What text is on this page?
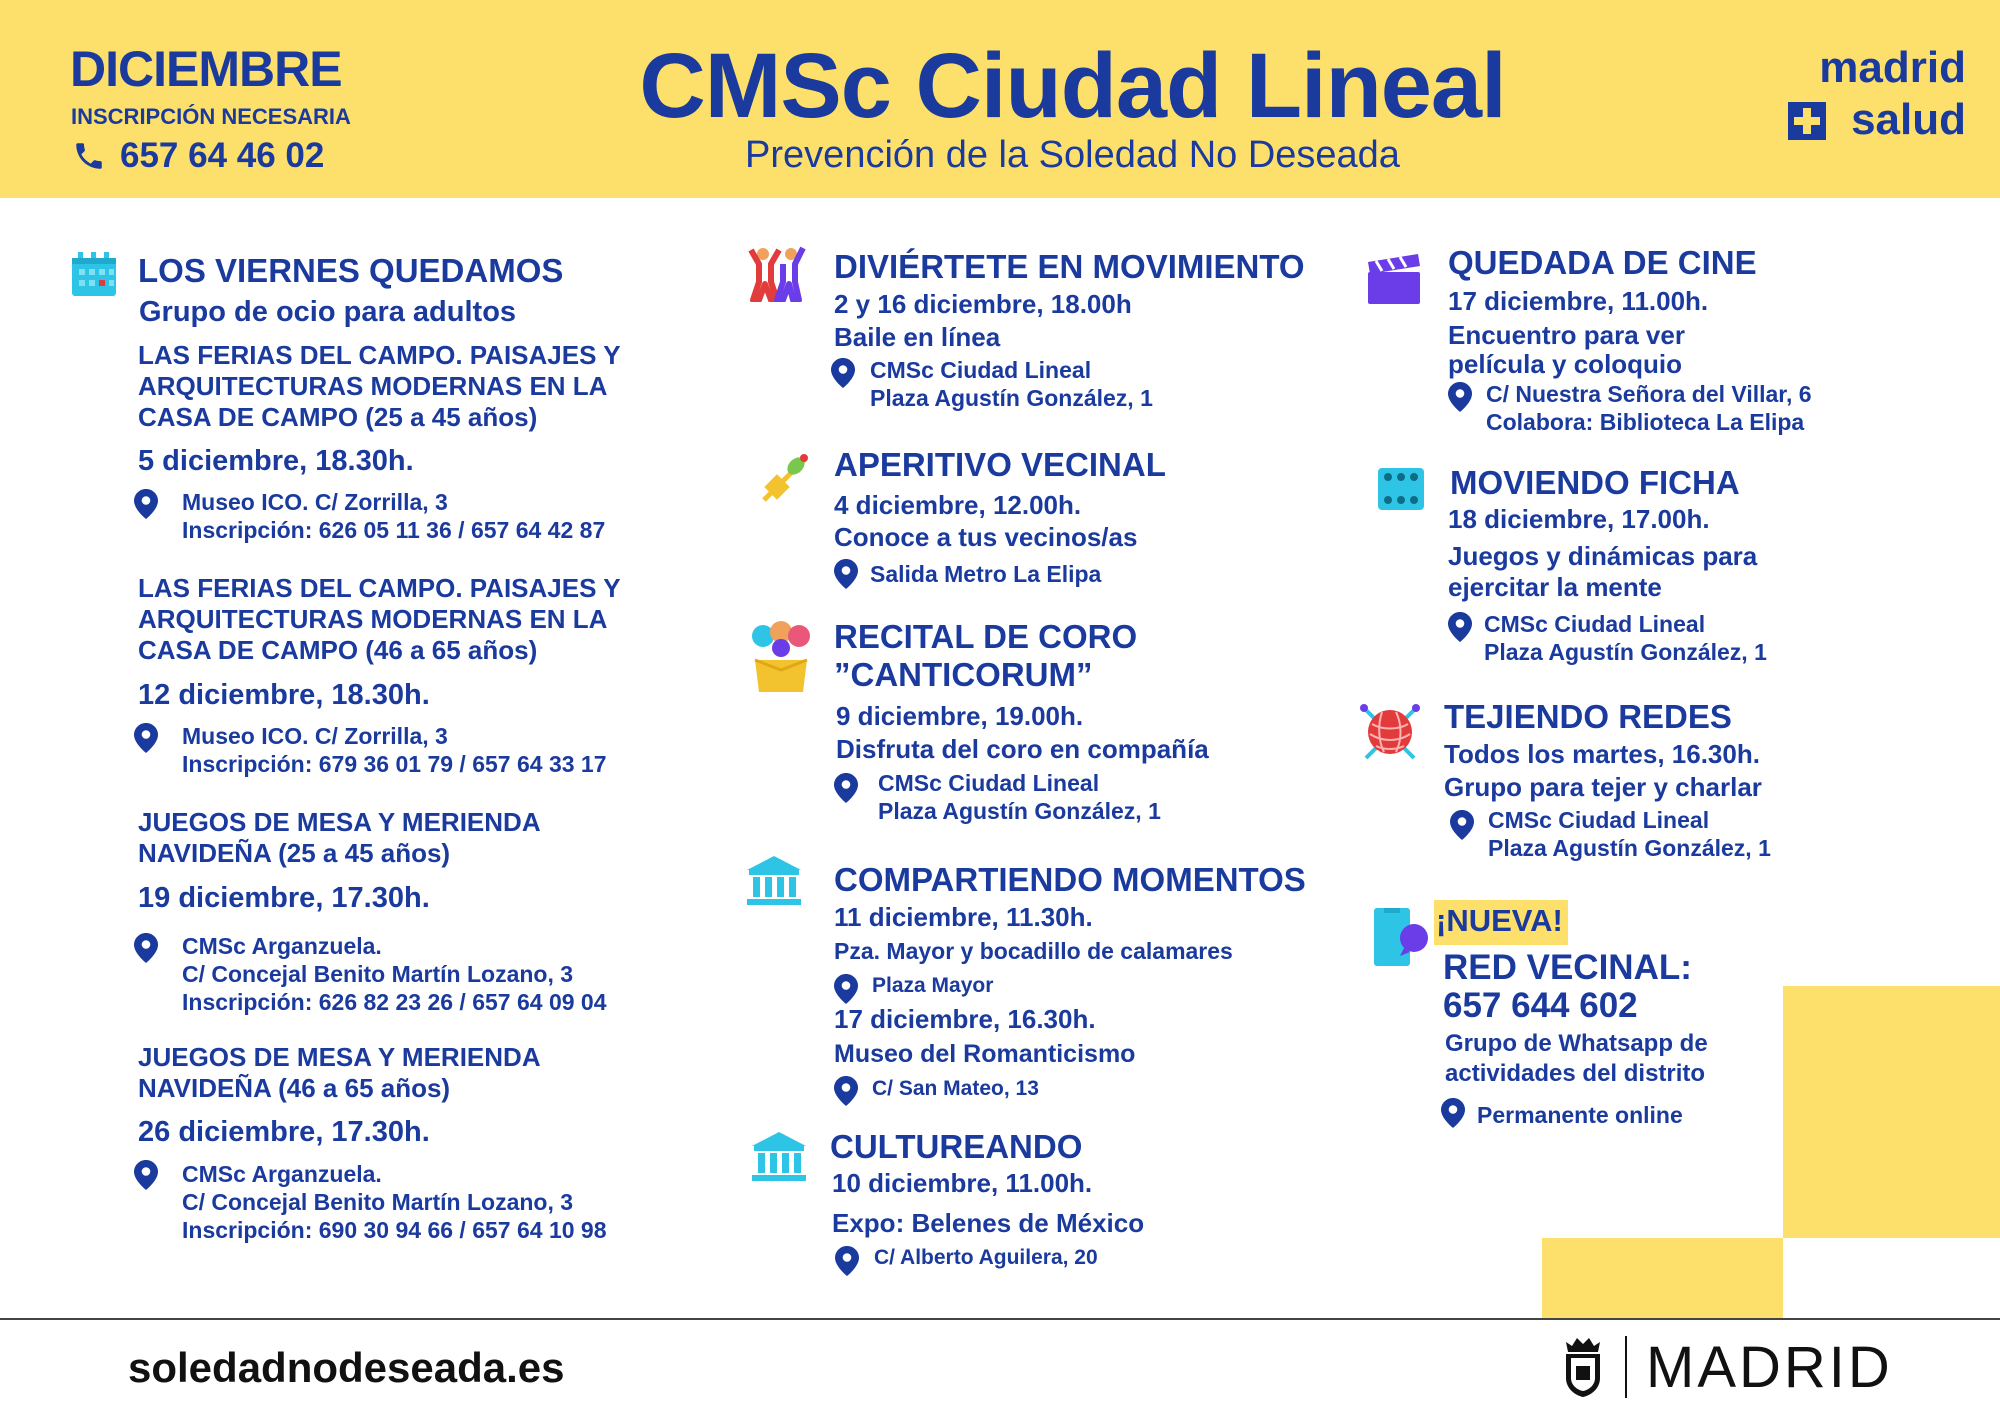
DICIEMBRE
INSCRIPCIÓN NECESARIA
657 64 46 02
CMSc Ciudad Lineal
Prevención de la Soledad No Deseada
madrid
salud
LOS VIERNES QUEDAMOS
Grupo de ocio para adultos
LAS FERIAS DEL CAMPO. PAISAJES Y
ARQUITECTURAS MODERNAS EN LA
CASA DE CAMPO (25 a 45 años)
5 diciembre, 18.30h.
Museo ICO. C/ Zorrilla, 3
Inscripción: 626 05 11 36 / 657 64 42 87
LAS FERIAS DEL CAMPO. PAISAJES Y
ARQUITECTURAS MODERNAS EN LA
CASA DE CAMPO (46 a 65 años)
12 diciembre, 18.30h.
Museo ICO. C/ Zorrilla, 3
Inscripción: 679 36 01 79 / 657 64 33 17
JUEGOS DE MESA Y MERIENDA
NAVIDEÑA (25 a 45 años)
19 diciembre, 17.30h.
CMSc Arganzuela.
C/ Concejal Benito Martín Lozano, 3
Inscripción: 626 82 23 26 / 657 64 09 04
JUEGOS DE MESA Y MERIENDA
NAVIDEÑA (46 a 65 años)
26 diciembre, 17.30h.
CMSc Arganzuela.
C/ Concejal Benito Martín Lozano, 3
Inscripción: 690 30 94 66 / 657 64 10 98
DIVIÉRTETE EN MOVIMIENTO
2 y 16 diciembre, 18.00h
Baile en línea
CMSc Ciudad Lineal
Plaza Agustín González, 1
APERITIVO VECINAL
4 diciembre, 12.00h.
Conoce a tus vecinos/as
Salida Metro La Elipa
RECITAL DE CORO
”CANTICORUM”
9 diciembre, 19.00h.
Disfruta del coro en compañía
CMSc Ciudad Lineal
Plaza Agustín González, 1
COMPARTIENDO MOMENTOS
11 diciembre, 11.30h.
Pza. Mayor y bocadillo de calamares
Plaza Mayor
17 diciembre, 16.30h.
Museo del Romanticismo
C/ San Mateo, 13
CULTUREANDO
10 diciembre, 11.00h.
Expo: Belenes de México
C/ Alberto Aguilera, 20
QUEDADA DE CINE
17 diciembre, 11.00h.
Encuentro para ver
película y coloquio
C/ Nuestra Señora del Villar, 6
Colabora: Biblioteca La Elipa
MOVIENDO FICHA
18 diciembre, 17.00h.
Juegos y dinámicas para
ejercitar la mente
CMSc Ciudad Lineal
Plaza Agustín González, 1
TEJIENDO REDES
Todos los martes, 16.30h.
Grupo para tejer y charlar
CMSc Ciudad Lineal
Plaza Agustín González, 1
¡NUEVA!
RED VECINAL:
657 644 602
Grupo de Whatsapp de
actividades del distrito
Permanente online
soledadnodeseada.es	MADRID
